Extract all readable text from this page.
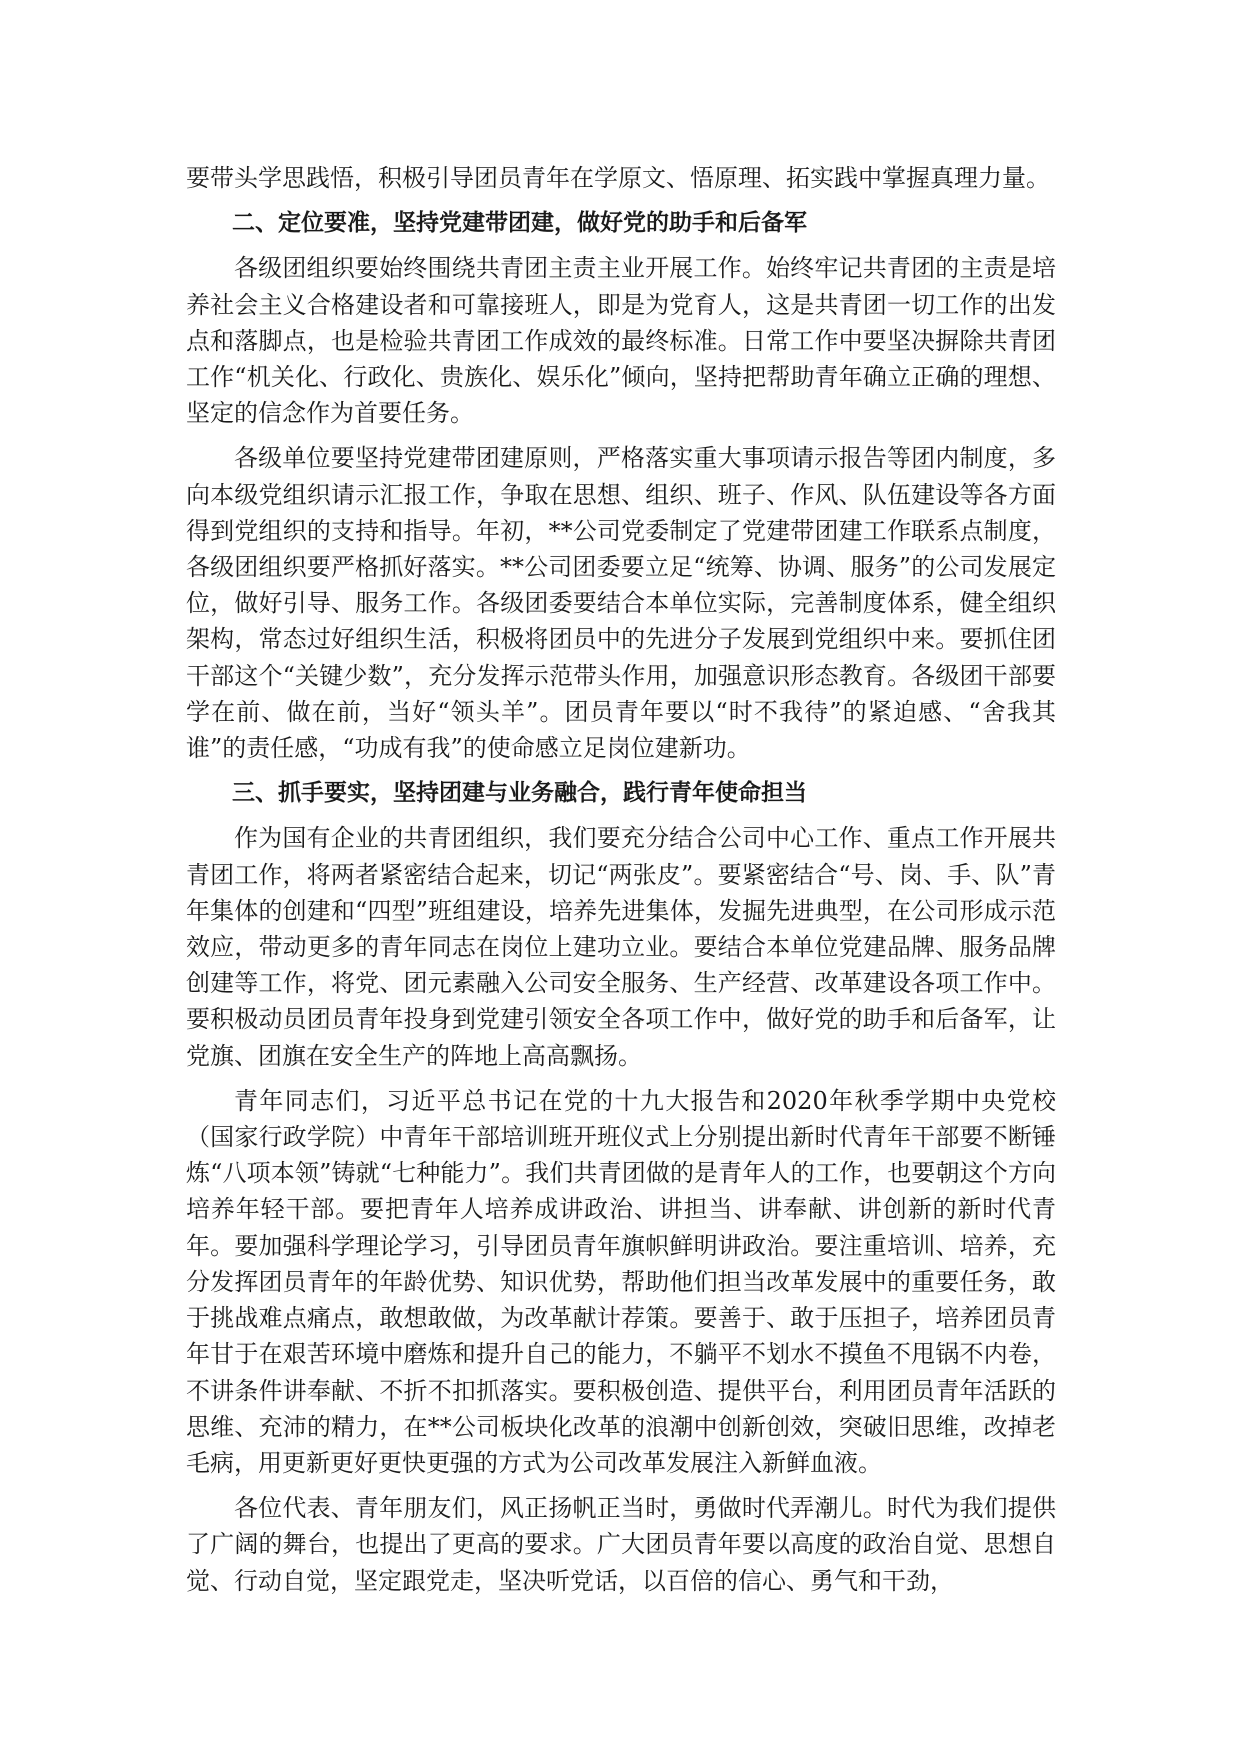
要带头学思践悟，积极引导团员青年在学原文、悟原理、拓实践中掌握真理力量。

二、定位要准，坚持党建带团建，做好党的助手和后备军

各级团组织要始终围绕共青团主责主业开展工作。始终牢记共青团的主责是培养社会主义合格建设者和可靠接班人，即是为党育人，这是共青团一切工作的出发点和落脚点，也是检验共青团工作成效的最终标准。日常工作中要坚决摒除共青团工作“机关化、行政化、贵族化、娱乐化”倾向，坚持把帮助青年确立正确的理想、坚定的信念作为首要任务。

各级单位要坚持党建带团建原则，严格落实重大事项请示报告等团内制度，多向本级党组织请示汇报工作，争取在思想、组织、班子、作风、队伍建设等各方面得到党组织的支持和指导。年初，**公司党委制定了党建带团建工作联系点制度，各级团组织要严格抓好落实。**公司团委要立足“统筹、协调、服务”的公司发展定位，做好引导、服务工作。各级团委要结合本单位实际，完善制度体系，健全组织架构，常态过好组织生活，积极将团员中的先进分子发展到党组织中来。要抓住团干部这个“关键少数”，充分发挥示范带头作用，加强意识形态教育。各级团干部要学在前、做在前，当好“领头羊”。团员青年要以“时不我待”的紧迫感、“舍我其谁”的责任感，“功成有我”的使命感立足岗位建新功。

三、抓手要实，坚持团建与业务融合，践行青年使命担当

作为国有企业的共青团组织，我们要充分结合公司中心工作、重点工作开展共青团工作，将两者紧密结合起来，切记“两张皮”。要紧密结合“号、岗、手、队”青年集体的创建和“四型”班组建设，培养先进集体，发掘先进典型，在公司形成示范效应，带动更多的青年同志在岗位上建功立业。要结合本单位党建品牌、服务品牌创建等工作，将党、团元素融入公司安全服务、生产经营、改革建设各项工作中。要积极动员团员青年投身到党建引领安全各项工作中，做好党的助手和后备军，让党旗、团旗在安全生产的阵地上高高飘扬。

青年同志们，习近平总书记在党的十九大报告和2020年秋季学期中央党校（国家行政学院）中青年干部培训班开班仪式上分别提出新时代青年干部要不断锤炼“八项本领”铸就“七种能力”。我们共青团做的是青年人的工作，也要朝这个方向培养年轻干部。要把青年人培养成讲政治、讲担当、讲奉献、讲创新的新时代青年。要加强科学理论学习，引导团员青年旗帜鲜明讲政治。要注重培训、培养，充分发挥团员青年的年龄优势、知识优势，帮助他们担当改革发展中的重要任务，敢于挑战难点痛点，敢想敢做，为改革献计荐策。要善于、敢于压担子，培养团员青年甘于在艰苦环境中磨炼和提升自己的能力，不躺平不划水不摸鱼不甩锅不内卷，不讲条件讲奉献、不折不扣抓落实。要积极创造、提供平台，利用团员青年活跃的思维、充沛的精力，在**公司板块化改革的浪潮中创新创效，突破旧思维，改掉老毛病，用更新更好更快更强的方式为公司改革发展注入新鲜血液。

各位代表、青年朋友们，风正扬帆正当时，勇做时代弄潮儿。时代为我们提供了广阔的舞台，也提出了更高的要求。广大团员青年要以高度的政治自觉、思想自觉、行动自觉，坚定跟党走，坚决听党话，以百倍的信心、勇气和干劲，
